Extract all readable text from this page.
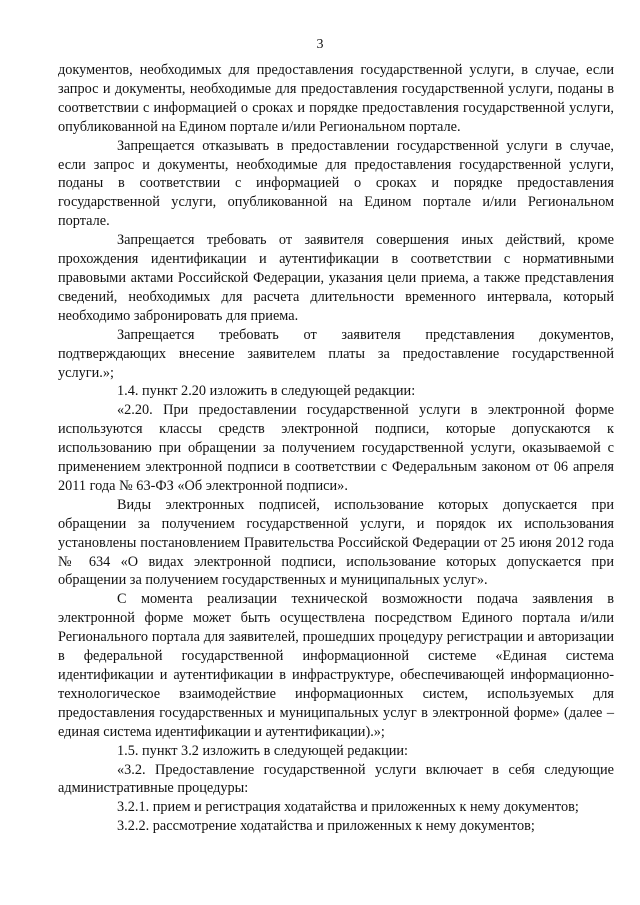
3

документов, необходимых для предоставления государственной услуги, в случае, если запрос и документы, необходимые для предоставления государственной услуги, поданы в соответствии с информацией о сроках и порядке предоставления государственной услуги, опубликованной на Едином портале и/или Региональном портале.

Запрещается отказывать в предоставлении государственной услуги в случае, если запрос и документы, необходимые для предоставления государственной услуги, поданы в соответствии с информацией о сроках и порядке предоставления государственной услуги, опубликованной на Едином портале и/или Региональном портале.

Запрещается требовать от заявителя совершения иных действий, кроме прохождения идентификации и аутентификации в соответствии с нормативными правовыми актами Российской Федерации, указания цели приема, а также представления сведений, необходимых для расчета длительности временного интервала, который необходимо забронировать для приема.

Запрещается требовать от заявителя представления документов, подтверждающих внесение заявителем платы за предоставление государственной услуги.»;

1.4. пункт 2.20 изложить в следующей редакции:

«2.20. При предоставлении государственной услуги в электронной форме используются классы средств электронной подписи, которые допускаются к использованию при обращении за получением государственной услуги, оказываемой с применением электронной подписи в соответствии с Федеральным законом от 06 апреля 2011 года № 63-ФЗ «Об электронной подписи».

Виды электронных подписей, использование которых допускается при обращении за получением государственной услуги, и порядок их использования установлены постановлением Правительства Российской Федерации от 25 июня 2012 года № 634 «О видах электронной подписи, использование которых допускается при обращении за получением государственных и муниципальных услуг».

С момента реализации технической возможности подача заявления в электронной форме может быть осуществлена посредством Единого портала и/или Регионального портала для заявителей, прошедших процедуру регистрации и авторизации в федеральной государственной информационной системе «Единая система идентификации и аутентификации в инфраструктуре, обеспечивающей информационно-технологическое взаимодействие информационных систем, используемых для предоставления государственных и муниципальных услуг в электронной форме» (далее – единая система идентификации и аутентификации).»;

1.5. пункт 3.2 изложить в следующей редакции:

«3.2. Предоставление государственной услуги включает в себя следующие административные процедуры:

3.2.1. прием и регистрация ходатайства и приложенных к нему документов;

3.2.2. рассмотрение ходатайства и приложенных к нему документов;
